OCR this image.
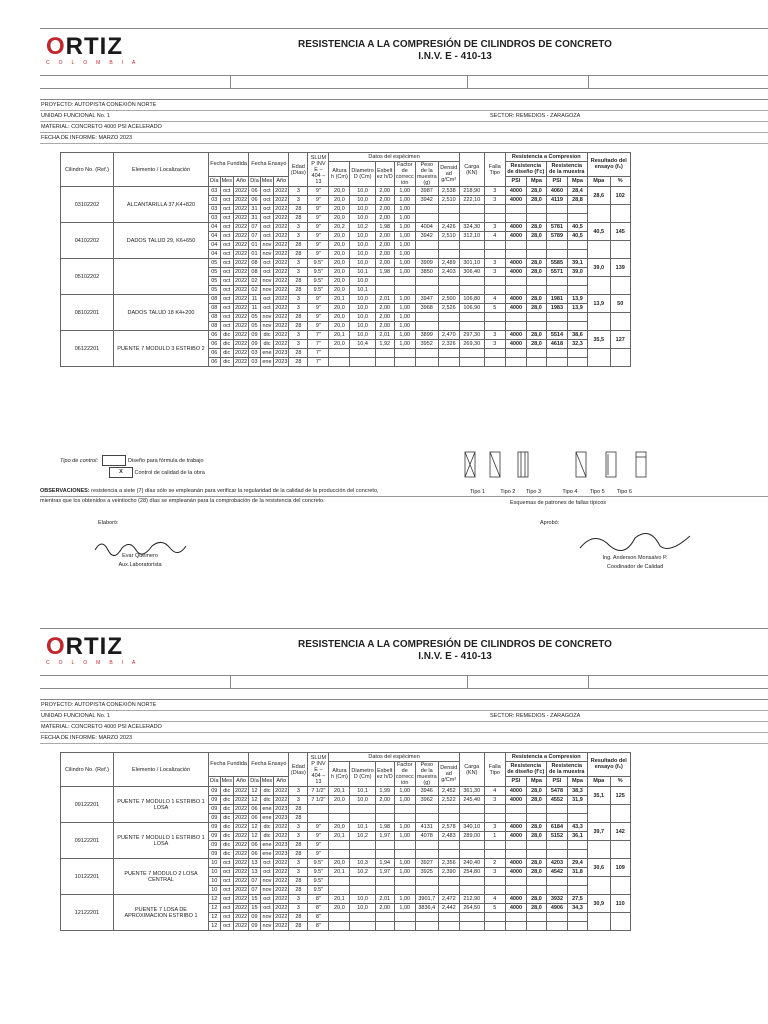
ORTIZ
COLOMBIA
RESISTENCIA A LA COMPRESIÓN DE CILINDROS DE CONCRETO
I.N.V. E - 410-13
PROYECTO: AUTOPISTA CONEXIÓN NORTE
UNIDAD FUNCIONAL No. 1	SECTOR: REMEDIOS - ZARAGOZA
MATERIAL: CONCRETO 4000 PSI ACELERADO
FECHA DE INFORME: MARZO 2023
Cilindro No. (Ref.)	Elemento / Localización	Fecha Fundida			Fecha Ensayo			Edad (Días)	SLUM P INV E – 404 – 13	Datos del espécimen						Carga (KN)	Falla Tipo	Resistencia a Compresion				Resultado del ensayo (f₁)	
										Altura h (Cm)	Diametro D (Cm)	Esbelt ez h/D	Factor de correcc ión	Peso de la muestra (g)	Densid ad g/Cm³			Resistencia de diseño (f'c)		Resistencia de la muestra			
		Día	Mes	Año	Día	Mes	Año											PSI	Mpa	PSI	Mpa	Mpa	%
03102202	ALCANTARILLA 37,K4+820	03	oct	2022	06	oct	2022	3	9"	20,0	10,0	2,00	1,00	3987	2,538	218,90	3	4000	28,0	4060	28,4	28,6	102
		03	oct	2022	06	oct	2022	3	9"	20,0	10,0	2,00	1,00	3942	2,510	222,10	3	4000	28,0	4119	28,8		
		03	oct	2022	31	oct	2022	28	9"	20,0	10,0	2,00	1,00										
		03	oct	2022	31	oct	2022	28	9"	20,0	10,0	2,00	1,00										
04102202	DADOS TALUD 29, K6+650	04	oct	2022	07	oct	2022	3	9"	20,2	10,2	1,98	1,00	4004	2,426	324,30	3	4000	28,0	5781	40,5	40,5	145
		04	oct	2022	07	oct	2022	3	9"	20,0	10,0	2,00	1,00	3942	2,510	312,10	4	4000	28,0	5789	40,5		
		04	oct	2022	01	nov	2022	28	9"	20,0	10,0	2,00	1,00										
		04	oct	2022	01	nov	2022	28	9"	20,0	10,0	2,00	1,00										
05102202		05	oct	2022	08	oct	2022	3	9.5"	20,0	10,0	2,00	1,00	3909	2,489	301,10	3	4000	28,0	5585	39,1	39,0	139
		05	oct	2022	08	oct	2022	3	9.5"	20,0	10,1	1,98	1,00	3850	2,403	306,40	3	4000	28,0	5571	39,0		
		05	oct	2022	02	nov	2022	28	9.5"	20,0	10,0												
		05	oct	2022	02	nov	2022	28	9.5"	20,0	10,1												
08102201	DADOS TALUD 18 K4+200	08	oct	2022	11	oct	2022	3	9"	20,1	10,0	2,01	1,00	3947	2,500	106,80	4	4000	28,0	1981	13,9	13,9	50
		08	oct	2022	11	oct	2022	3	9"	20,0	10,0	2,00	1,00	3968	2,526	106,90	5	4000	28,0	1983	13,9		
		08	oct	2022	05	nov	2022	28	9"	20,0	10,0	2,00	1,00										
		08	oct	2022	05	nov	2022	28	9"	20,0	10,0	2,00	1,00										
06122201	PUENTE 7 MODULO 3 ESTRIBO 2	06	dic	2022	09	dic	2022	3	7"	20,1	10,0	2,01	1,00	3899	2,470	297,30	3	4000	28,0	5514	38,6	35,5	127
		06	dic	2022	09	dic	2022	3	7"	20,0	10,4	1,92	1,00	3952	2,326	269,30	3	4000	28,0	4618	32,3		
		06	dic	2022	03	ene	2023	28	7"														
		06	dic	2022	03	ene	2023	28	7"														
Tipo de control:	Diseño para fórmula de trabajo
X Control de calidad de la obra
OBSERVACIONES: resistencia a siete (7) días sólo se empleanán para verificar la regularidad de la calidad de la producción del concreto,
mientras que los obtenidos a veintiocho (28) días se empleanán para la comprobación de la resistencia del concreto.
Tipo 1	Tipo 2 Tipo 3	Tipo 4 Tipo 5 Tipo 6
Esquemas de patrones de fallas típicos
Elaboró:
Evar Quemero
Aux.Laboratorista
Aprobó:
Ing. Anderson Monsalvo P.
Coodinador de Calidad
ORTIZ
COLOMBIA
RESISTENCIA A LA COMPRESIÓN DE CILINDROS DE CONCRETO
I.N.V. E - 410-13
PROYECTO: AUTOPISTA CONEXIÓN NORTE
UNIDAD FUNCIONAL No. 1	SECTOR: REMEDIOS - ZARAGOZA
MATERIAL: CONCRETO 4000 PSI ACELERADO
FECHA DE INFORME: MARZO 2023
Cilindro No. (Ref.)	Elemento / Localización	Fecha Fundida			Fecha Ensayo			Edad (Días)	SLUM P INV E – 404 – 13	Datos del espécimen						Carga (KN)	Falla Tipo	Resistencia a Compresion				Resultado del ensayo (f₁)	
										Altura h (Cm)	Diametro D (Cm)	Esbelt ez h/D	Factor de correcc ión	Peso de la muestra (g)	Densid ad g/Cm³			Resistencia de diseño (f'c)		Resistencia de la muestra			
		Día	Mes	Año	Día	Mes	Año											PSI	Mpa	PSI	Mpa	Mpa	%
09122201	PUENTE 7 MODULO 1 ESTRIBO 1 LOSA	09	dic	2022	12	dic	2022	3	7 1/2"	20,1	10,1	1,99	1,00	3946	2,452	361,30	4	4000	28,0	5478	38,3	35,1	125
		09	dic	2022	12	dic	2022	3	7 1/2"	20,0	10,0	2,00	1,00	3962	2,522	245,40	3	4000	28,0	4552	31,9		
		09	dic	2022	06	ene	2023	28															
		09	dic	2022	06	ene	2023	28															
09122201	PUENTE 7 MODULO 1 ESTRIBO 1 LOSA	09	dic	2022	12	dic	2022	3	9"	20,0	10,1	1,98	1,00	4131	2,578	340,10	3	4000	28,0	6184	43,3	39,7	142
		09	dic	2022	12	dic	2022	3	9"	20,1	10,2	1,97	1,00	4078	2,483	289,00	1	4000	28,0	5152	36,1		
		09	dic	2022	06	ene	2023	28	9"														
		09	dic	2022	06	ene	2023	28	9"														
10122201	PUENTE 7 MODULO 2 LOSA CENTRAL	10	oct	2022	13	oct	2022	3	9.5"	20,0	10,3	1,94	1,00	3927	2,356	240,40	2	4000	28,0	4203	29,4	30,6	109
		10	oct	2022	13	oct	2022	3	9.5"	20,1	10,2	1,97	1,00	3925	2,390	254,80	3	4000	28,0	4542	31,8		
		10	oct	2022	07	nov	2022	28	9.5"														
		10	oct	2022	07	nov	2022	28	9.5"														
12122201	PUENTE 7 LOSA DE APROXIMACION ESTRIBO 1	12	oct	2022	15	oct	2022	3	8"	20,1	10,0	2,01	1,00	3901,7	2,472	212,90	4	4000	28,0	3932	27,5	30,9	110
		12	oct	2022	15	oct	2022	3	8"	20,0	10,0	2,00	1,00	3836,4	2,442	264,50	5	4000	28,0	4906	34,3		
		12	oct	2022	09	nov	2022	28	8"														
		12	oct	2022	09	nov	2022	28	8"														
